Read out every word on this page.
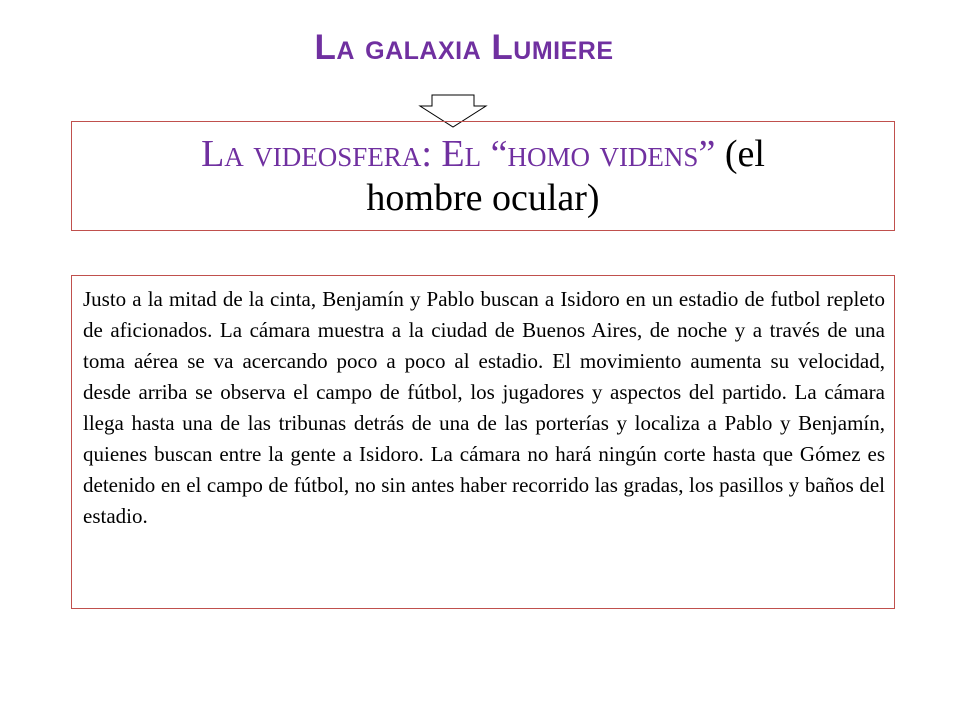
La galaxia Lumiere
La videosfera: El “homo videns” (el
hombre ocular)

Justo a la mitad de la cinta, Benjamín y Pablo buscan a Isidoro en un estadio de futbol repleto de aficionados. La cámara muestra a la ciudad de Buenos Aires, de noche y a través de una toma aérea se va acercando poco a poco al estadio. El movimiento aumenta su velocidad, desde arriba se observa el campo de fútbol, los jugadores y aspectos del partido. La cámara llega hasta una de las tribunas detrás de una de las porterías y localiza a Pablo y Benjamín, quienes buscan entre la gente a Isidoro. La cámara no hará ningún corte hasta que Gómez es detenido en el campo de fútbol, no sin antes haber recorrido las gradas, los pasillos y baños del estadio.
